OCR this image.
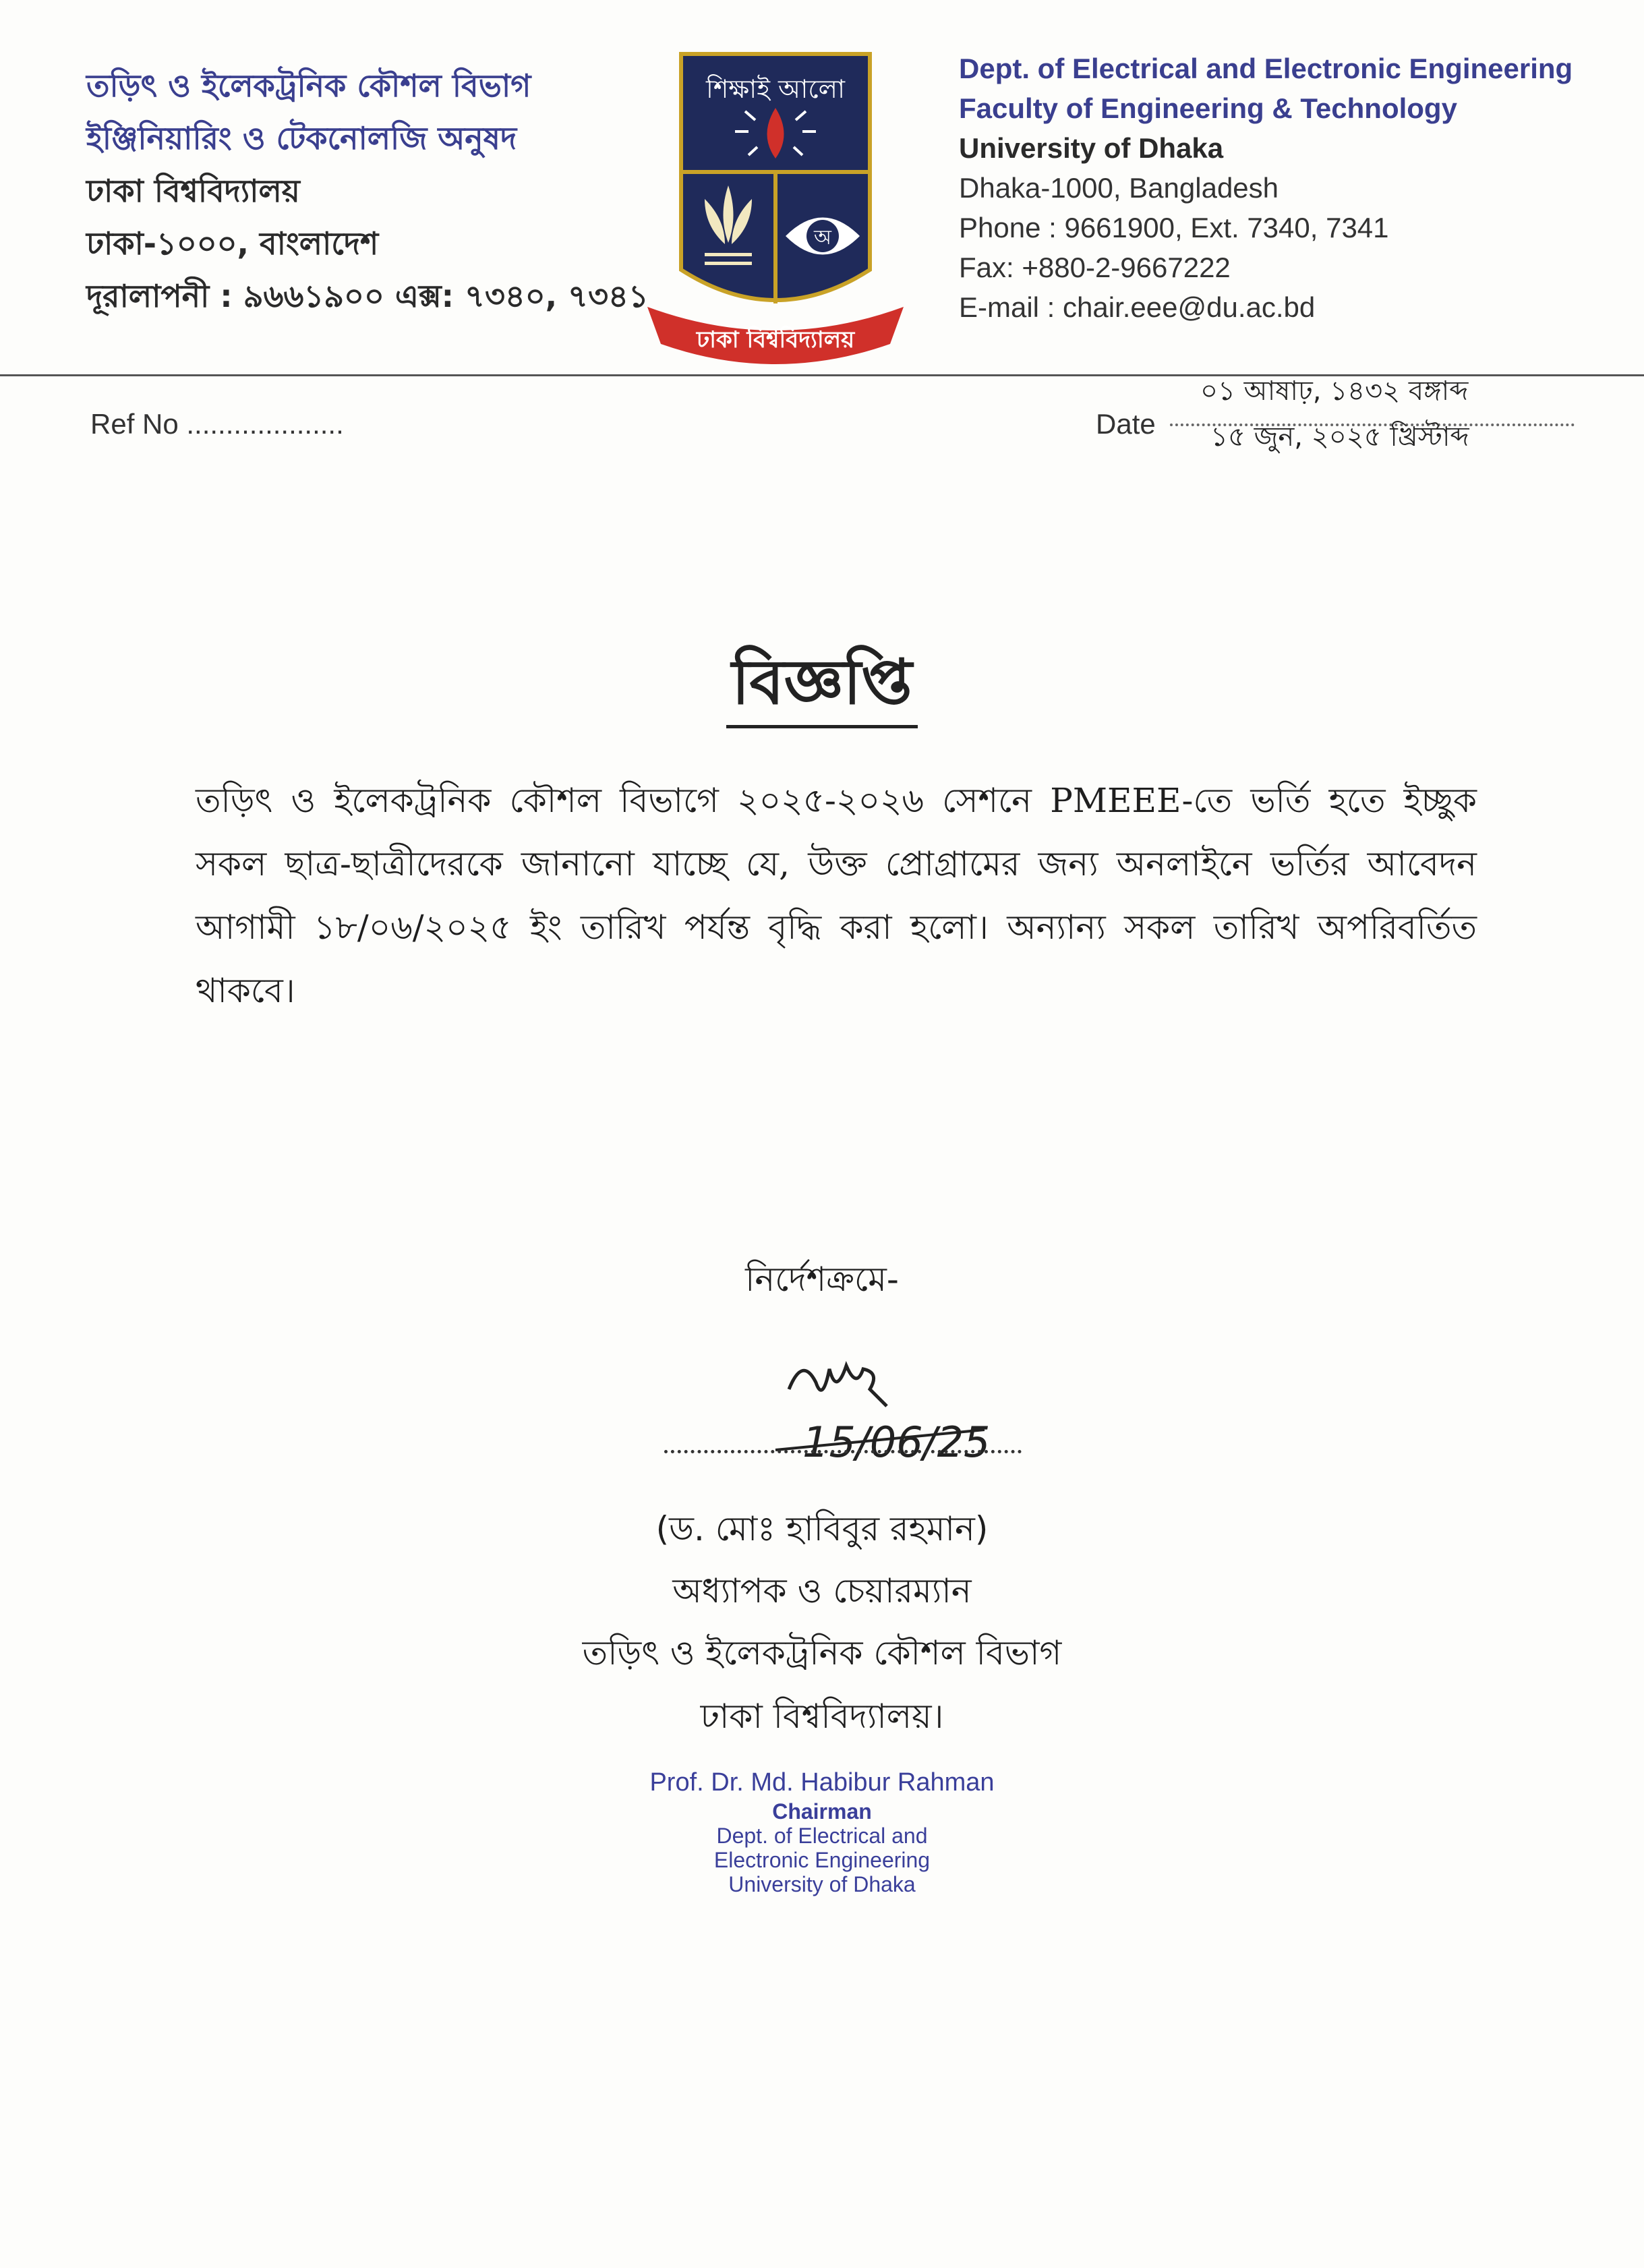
তড়িৎ ও ইলেকট্রনিক কৌশল বিভাগ
ইঞ্জিনিয়ারিং ও টেকনোলজি অনুষদ
ঢাকা বিশ্ববিদ্যালয়
ঢাকা-১০০০, বাংলাদেশ
দূরালাপনী : ৯৬৬১৯০০ এক্স: ৭৩৪০, ৭৩৪১
শিক্ষাই আলো
অ
ঢাকা বিশ্ববিদ্যালয়
Dept. of Electrical and Electronic Engineering
Faculty of Engineering & Technology
University of Dhaka
Dhaka-1000, Bangladesh
Phone : 9661900, Ext. 7340, 7341
Fax: +880-2-9667222
E-mail : chair.eee@du.ac.bd
Ref No ....................	Date
০১ আষাঢ়, ১৪৩২ বঙ্গাব্দ
১৫ জুন, ২০২৫ খ্রিস্টাব্দ
বিজ্ঞপ্তি
তড়িৎ ও ইলেকট্রনিক কৌশল বিভাগে ২০২৫-২০২৬ সেশনে PMEEE-তে ভর্তি হতে ইচ্ছুক সকল ছাত্র-ছাত্রীদেরকে জানানো যাচ্ছে যে, উক্ত প্রোগ্রামের জন্য অনলাইনে ভর্তির আবেদন আগামী ১৮/০৬/২০২৫ ইং তারিখ পর্যন্ত বৃদ্ধি করা হলো। অন্যান্য সকল তারিখ অপরিবর্তিত থাকবে।
নির্দেশক্রমে-
15/06/25
(ড. মোঃ হাবিবুর রহমান)
অধ্যাপক ও চেয়ারম্যান
তড়িৎ ও ইলেকট্রনিক কৌশল বিভাগ
ঢাকা বিশ্ববিদ্যালয়।
Prof. Dr. Md. Habibur Rahman
Chairman
Dept. of Electrical and
Electronic Engineering
University of Dhaka
